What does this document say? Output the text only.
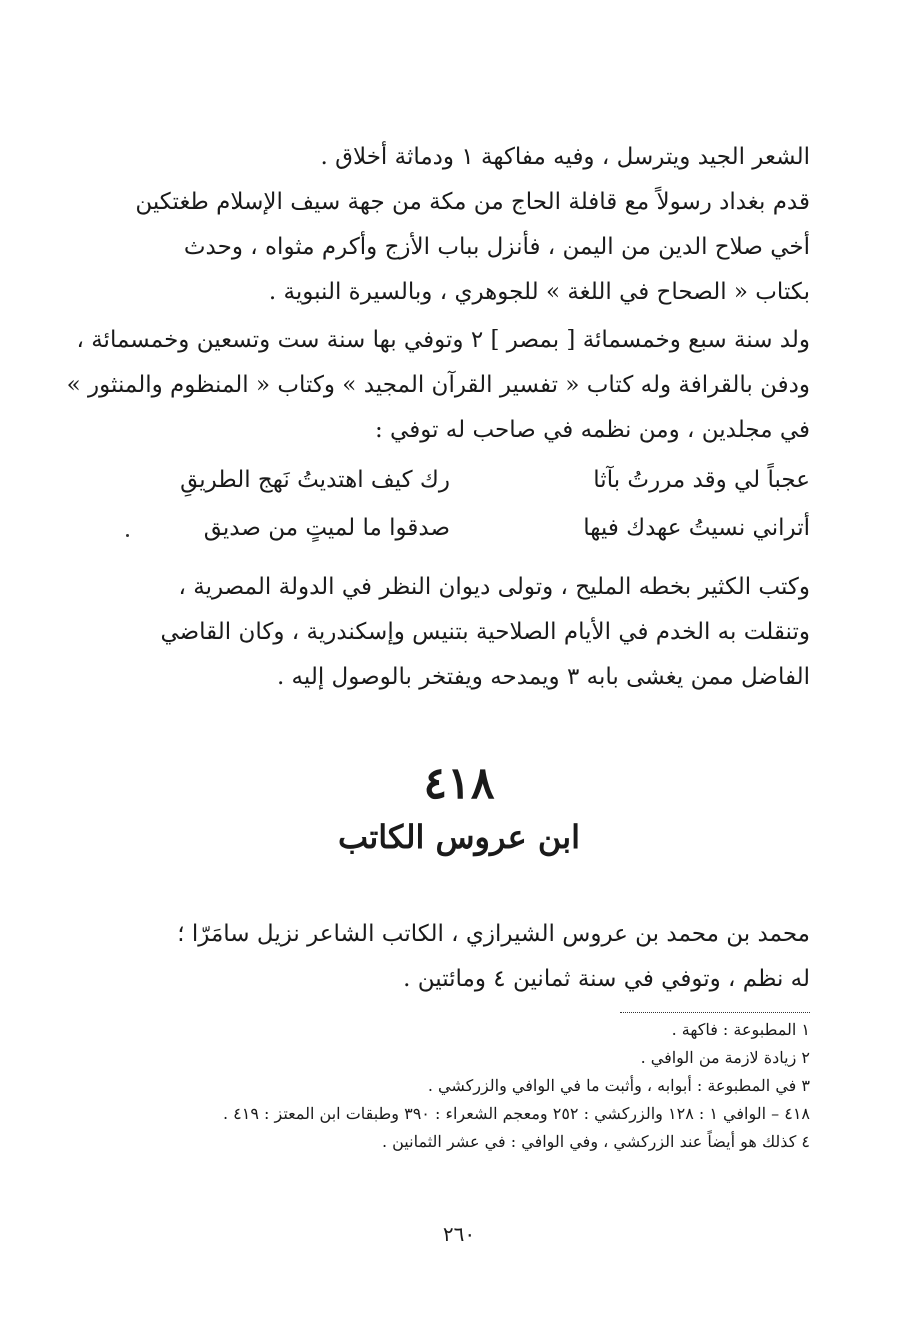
الشعر الجيد ويترسل ، وفيه مفاكهة ١ ودماثة أخلاق .
قدم بغداد رسولاً مع قافلة الحاج من مكة من جهة سيف الإسلام طغتكين
أخي صلاح الدين من اليمن ، فأنزل بباب الأزج وأكرم مثواه ، وحدث
بكتاب « الصحاح في اللغة » للجوهري ، وبالسيرة النبوية .
ولد سنة سبع وخمسمائة [ بمصر ] ٢ وتوفي بها سنة ست وتسعين وخمسمائة ،
ودفن بالقرافة وله كتاب « تفسير القرآن المجيد » وكتاب « المنظوم والمنثور »
في مجلدين ، ومن نظمه في صاحب له توفي :
عجباً لي وقد مررتُ بآثا
رك كيف اهتديتُ نَهج الطريقِ
أتراني نسيتُ عهدك فيها
صدقوا ما لميتٍ من صديق
وكتب الكثير بخطه المليح ، وتولى ديوان النظر في الدولة المصرية ،
وتنقلت به الخدم في الأيام الصلاحية بتنيس وإسكندرية ، وكان القاضي
الفاضل ممن يغشى بابه ٣ ويمدحه ويفتخر بالوصول إليه .
٤١٨
ابن عروس الكاتب
محمد بن محمد بن عروس الشيرازي ، الكاتب الشاعر نزيل سامَرّا ؛
له نظم ، وتوفي في سنة ثمانين ٤ ومائتين .
١ المطبوعة : فاكهة .
٢ زيادة لازمة من الوافي .
٣ في المطبوعة : أبوابه ، وأثبت ما في الوافي والزركشي .
٤١٨ – الوافي ١ : ١٢٨ والزركشي : ٢٥٢ ومعجم الشعراء : ٣٩٠ وطبقات ابن المعتز : ٤١٩ .
٤ كذلك هو أيضاً عند الزركشي ، وفي الوافي : في عشر الثمانين .
٢٦٠
